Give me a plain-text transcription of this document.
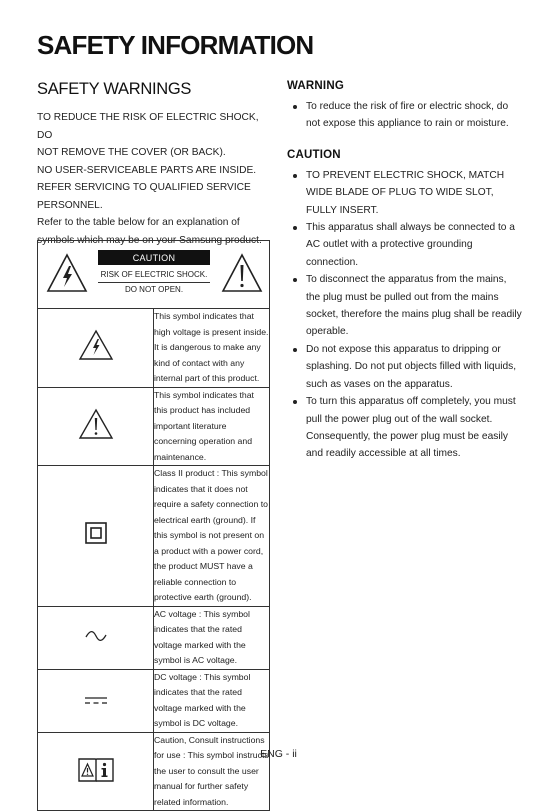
SAFETY INFORMATION
SAFETY WARNINGS

TO REDUCE THE RISK OF ELECTRIC SHOCK, DO

NOT REMOVE THE COVER (OR BACK).

NO USER-SERVICEABLE PARTS ARE INSIDE.

REFER SERVICING TO QUALIFIED SERVICE

PERSONNEL.

Refer to the table below for an explanation of

symbols which may be on your Samsung product.

CAUTION
RISK OF ELECTRIC SHOCK.
DO NOT OPEN.	

	This symbol indicates that high voltage is present inside. It is dangerous to make any kind of contact with any internal part of this product.
	This symbol indicates that this product has included important literature concerning operation and maintenance.
	Class II product : This symbol indicates that it does not require a safety connection to electrical earth (ground). If this symbol is not present on a product with a power cord, the product MUST have a reliable connection to protective earth (ground).
	AC voltage : This symbol indicates that the rated voltage marked with the symbol is AC voltage.
	DC voltage : This symbol indicates that the rated voltage marked with the symbol is DC voltage.
	Caution, Consult instructions for use : This symbol instructs the user to consult the user manual for further safety related information.
WARNING
To reduce the risk of fire or electric shock, do not expose this appliance to rain or moisture.
CAUTION
TO PREVENT ELECTRIC SHOCK, MATCH WIDE BLADE OF PLUG TO WIDE SLOT, FULLY INSERT.
This apparatus shall always be connected to a AC outlet with a protective grounding connection.
To disconnect the apparatus from the mains, the plug must be pulled out from the mains socket, therefore the mains plug shall be readily operable.
Do not expose this apparatus to dripping or splashing. Do not put objects filled with liquids, such as vases on the apparatus.
To turn this apparatus off completely, you must pull the power plug out of the wall socket. Consequently, the power plug must be easily and readily accessible at all times.
ENG - ii
